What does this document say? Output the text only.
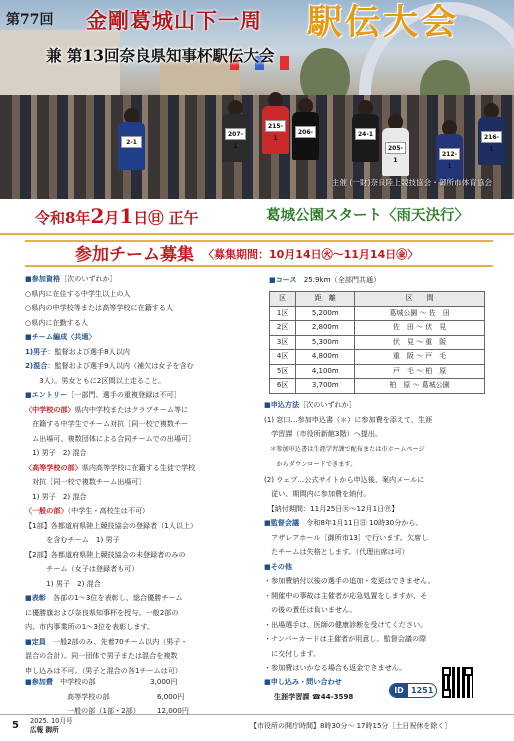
2-1
207-1
215-1
206-1
24-1
205-1
216-1
212-1
第77回 金剛葛城山下一周 駅伝大会
兼 第13回奈良県知事杯駅伝大会
主催 (一財)奈良陸上競技協会・御所市体育協会
令和8年2月1日㊐ 正午	葛城公園スタート〈雨天決行〉
参加チーム募集 〈募集期間：10月14日㊋〜11月14日㊎〉
■参加資格［次のいずれか］
○県内に在住する中学生以上の人
○県内の中学校等または高等学校に在籍する人
○県内に在勤する人
■チーム編成〈共通〉
1)男子：監督および選手8人以内
2)混合：監督および選手9人以内（補欠は女子を含む
　　3人）。男女ともに2区間以上走ること。
■エントリー［一部門、選手の重複登録は不可］
〈中学校の部〉県内中学校またはクラブチーム等に
　在籍する中学生でチーム対抗［同一校で複数チー
　ム出場可、複数団体による合同チームでの出場可］
　1) 男子　2) 混合
〈高等学校の部〉県内高等学校に在籍する生徒で学校
　対抗［同一校で複数チーム出場可］
　1) 男子　2) 混合
〈一般の部〉（中学生・高校生は不可）
【1部】各都道府県陸上競技協会の登録者（1人以上）
　　　を含むチーム　1) 男子
【2部】各都道府県陸上競技協会の未登録者のみの
　　　チーム（女子は登録者も可）
　　　1) 男子　2) 混合
■表彰　各部の1〜3位を表彰し、総合優勝チーム
に優勝旗および奈良県知事杯を授与。一般2部の
内、市内事業所の1〜3位を表彰します。
■定員　一般2部のみ、先着70チーム以内（男子・
混合の合計）。同一団体で男子または混合を複数
申し込みは不可。（男子と混合の各1チームは可）
■参加費　 中学校の部	3,000円
高等学校の部	6,000円
一般の部（1部・2部） 12,000円
■コース　 25.9km（全部門共通）
区	距　離	区　　間
1区	5,200m	葛城公園 〜 佐　田
2区	2,800m	佐　田 〜 伏　見
3区	5,300m	伏　見 〜 重　阪
4区	4,800m	重　阪 〜 戸　毛
5区	4,100m	戸　毛 〜 柏　原
6区	3,700m	柏　原 〜 葛城公園
■申込方法［次のいずれか］
(1) 窓口…参加申込書（＊）に参加費を添えて、生涯
　学習課（市役所新館3階）へ提出。
　＊参加申込書は生涯学習課で配布または市ホームページ
　　からダウンロードできます。
(2) ウェブ…公式サイトから申込後、案内メールに
　従い、期間内に参加費を納付。
　【納付期間：11月25日㊋〜12月1日㊊】
■監督会議　令和8年1月11日㊐ 10時30分から、
　アザレアホール［御所市13］で行います。欠席し
　たチームは失格とします。（代理出席は可）
■その他
・参加費納付以後の選手の追加・変更はできません。
・開催中の事故は主催者が応急処置をしますが、そ
　の後の責任は負いません。
・出場選手は、医師の健康診断を受けてください。
・ナンバーカードは主催者が用意し、監督会議の際
　に交付します。
・参加費はいかなる場合も返金できません。
■申し込み・問い合わせ
生涯学習課 ☎44-3598
ID 1251
5 2025. 10月号
広報 御所	【市役所の開庁時間】8時30分〜 17時15分［土日祝休を除く］
